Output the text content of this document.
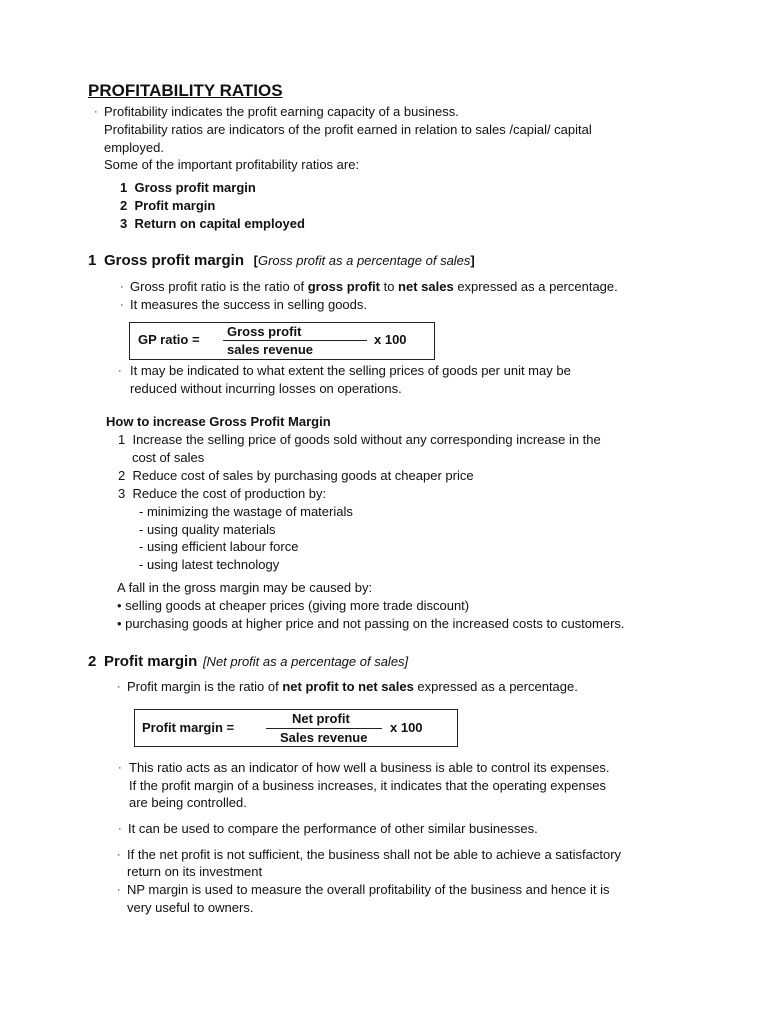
PROFITABILITY RATIOS
· Profitability indicates the profit earning capacity of a business.
Profitability ratios are indicators of the profit earned in relation to sales /capial/ capital
employed.
Some of the important profitability ratios are:
1 Gross profit margin
2 Profit margin
3 Return on capital employed
1 Gross profit margin [Gross profit as a percentage of sales]
· Gross profit ratio is the ratio of gross profit to net sales expressed as a percentage.
· It measures the success in selling goods.
GP ratio =
Gross profit
sales revenue
x 100
· It may be indicated to what extent the selling prices of goods per unit may be
reduced without incurring losses on operations.
How to increase Gross Profit Margin
1 Increase the selling price of goods sold without any corresponding increase in the
cost of sales
2 Reduce cost of sales by purchasing goods at cheaper price
3 Reduce the cost of production by:
- minimizing the wastage of materials
- using quality materials
- using efficient labour force
- using latest technology
A fall in the gross margin may be caused by:
• selling goods at cheaper prices (giving more trade discount)
• purchasing goods at higher price and not passing on the increased costs to customers.
2 Profit margin [Net profit as a percentage of sales]
· Profit margin is the ratio of net profit to net sales expressed as a percentage.
Profit margin =
Net profit
Sales revenue
x 100
· This ratio acts as an indicator of how well a business is able to control its expenses.
If the profit margin of a business increases, it indicates that the operating expenses
are being controlled.
· It can be used to compare the performance of other similar businesses.
· If the net profit is not sufficient, the business shall not be able to achieve a satisfactory
return on its investment
· NP margin is used to measure the overall profitability of the business and hence it is
very useful to owners.
